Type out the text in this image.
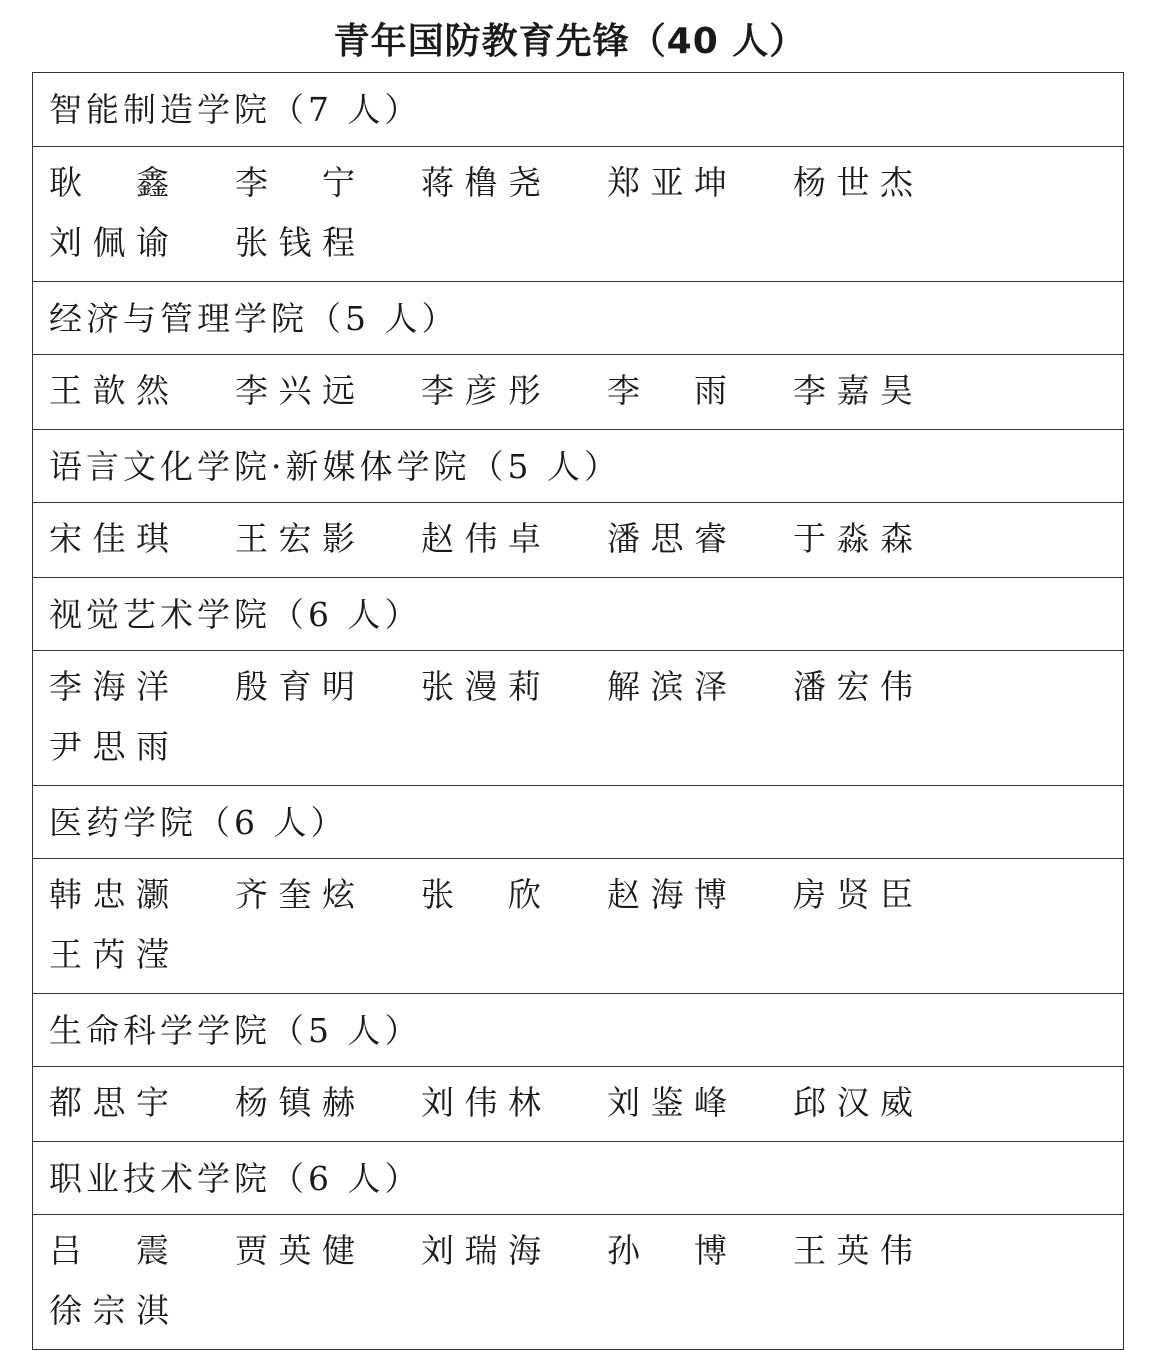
青年国防教育先锋（40 人）
智能制造学院（7 人）
耿 鑫 李 宁 蒋 橹 尧 郑 亚 坤 杨 世 杰
刘 佩 谕 张 钱 程
经济与管理学院（5 人）
王 歆 然 李 兴 远 李 彦 彤 李 雨 李 嘉 昊
语言文化学院·新媒体学院（5 人）
宋 佳 琪 王 宏 影 赵 伟 卓 潘 思 睿 于 淼 森
视觉艺术学院（6 人）
李 海 洋 殷 育 明 张 漫 莉 解 滨 泽 潘 宏 伟
尹 思 雨
医药学院（6 人）
韩 忠 灏 齐 奎 炫 张 欣 赵 海 博 房 贤 臣
王 芮 滢
生命科学学院（5 人）
都 思 宇 杨 镇 赫 刘 伟 林 刘 鉴 峰 邱 汉 威
职业技术学院（6 人）
吕 震 贾 英 健 刘 瑞 海 孙 博 王 英 伟
徐 宗 淇
